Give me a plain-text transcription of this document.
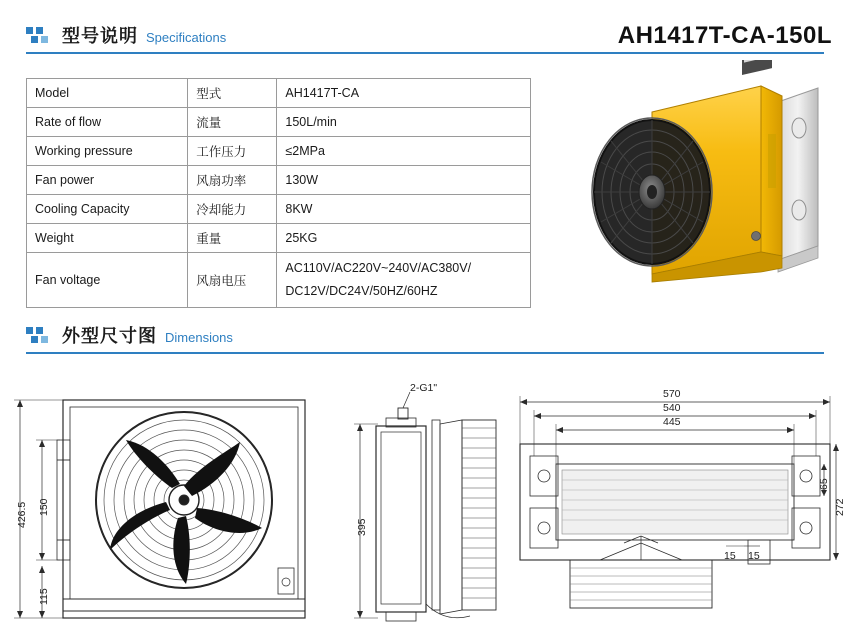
型号说明 Specifications	AH1417T-CA-150L
Model	型式	AH1417T-CA
Rate of flow	流量	150L/min
Working pressure	工作压力	≤2MPa
Fan power	风扇功率	130W
Cooling Capacity	冷却能力	8KW
Weight	重量	25KG
Fan voltage	风扇电压	AC110V/AC220V~240V/AC380V/
DC12V/DC24V/50HZ/60HZ
外型尺寸图 Dimensions
426.5 150
115
2-G1"
395
570
540
445
272
65
15 15
